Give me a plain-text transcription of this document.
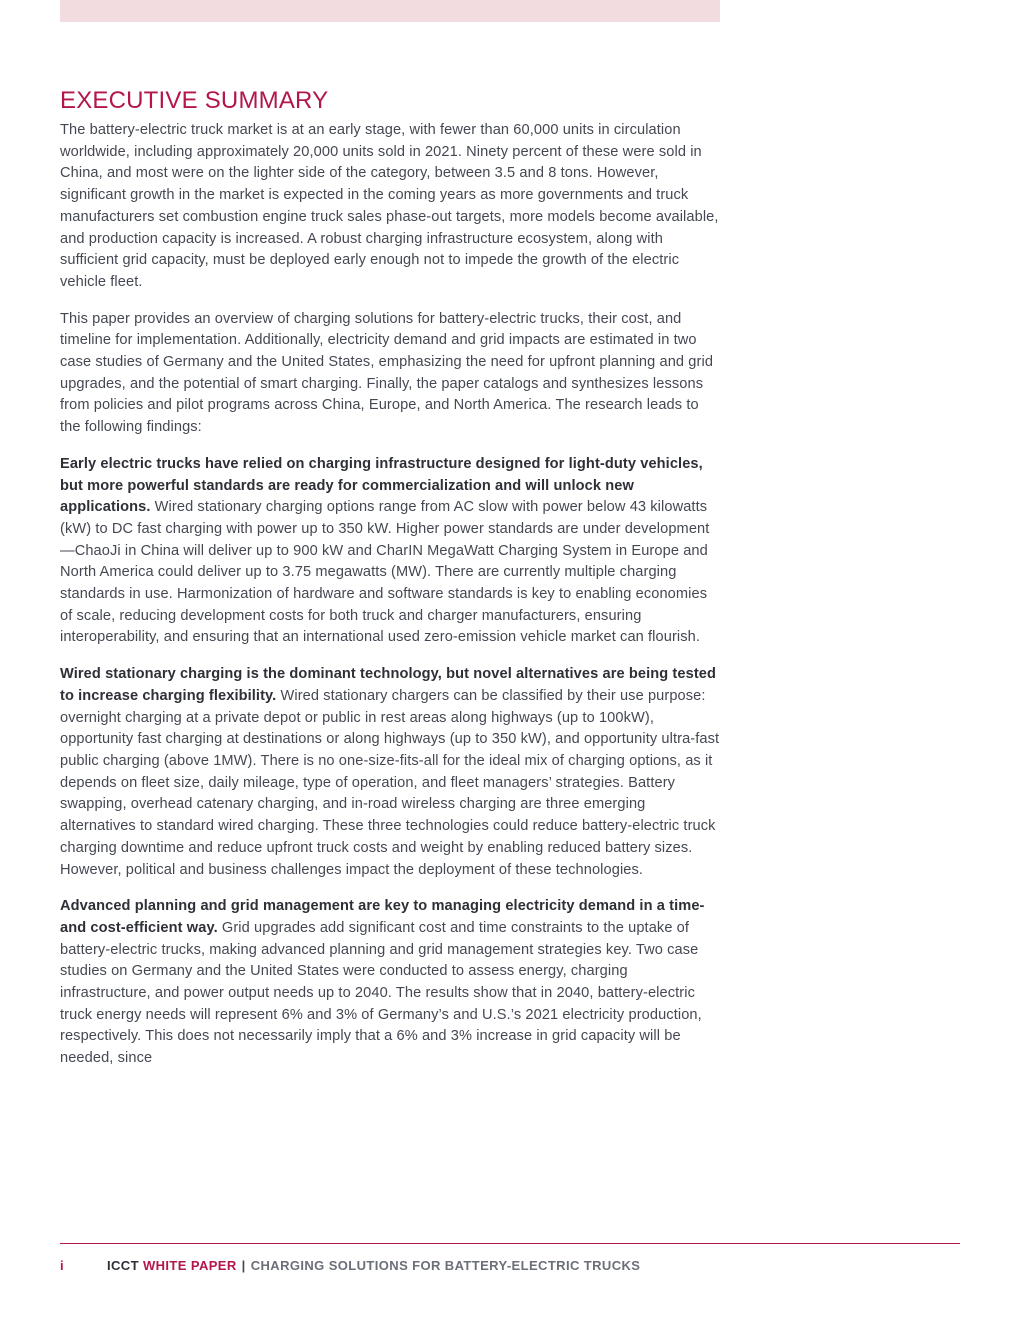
EXECUTIVE SUMMARY

The battery-electric truck market is at an early stage, with fewer than 60,000 units in circulation worldwide, including approximately 20,000 units sold in 2021. Ninety percent of these were sold in China, and most were on the lighter side of the category, between 3.5 and 8 tons. However, significant growth in the market is expected in the coming years as more governments and truck manufacturers set combustion engine truck sales phase-out targets, more models become available, and production capacity is increased. A robust charging infrastructure ecosystem, along with sufficient grid capacity, must be deployed early enough not to impede the growth of the electric vehicle fleet.

This paper provides an overview of charging solutions for battery-electric trucks, their cost, and timeline for implementation. Additionally, electricity demand and grid impacts are estimated in two case studies of Germany and the United States, emphasizing the need for upfront planning and grid upgrades, and the potential of smart charging. Finally, the paper catalogs and synthesizes lessons from policies and pilot programs across China, Europe, and North America. The research leads to the following findings:

Early electric trucks have relied on charging infrastructure designed for light-duty vehicles, but more powerful standards are ready for commercialization and will unlock new applications. Wired stationary charging options range from AC slow with power below 43 kilowatts (kW) to DC fast charging with power up to 350 kW. Higher power standards are under development—ChaoJi in China will deliver up to 900 kW and CharIN MegaWatt Charging System in Europe and North America could deliver up to 3.75 megawatts (MW). There are currently multiple charging standards in use. Harmonization of hardware and software standards is key to enabling economies of scale, reducing development costs for both truck and charger manufacturers, ensuring interoperability, and ensuring that an international used zero-emission vehicle market can flourish.

Wired stationary charging is the dominant technology, but novel alternatives are being tested to increase charging flexibility. Wired stationary chargers can be classified by their use purpose: overnight charging at a private depot or public in rest areas along highways (up to 100kW), opportunity fast charging at destinations or along highways (up to 350 kW), and opportunity ultra-fast public charging (above 1MW). There is no one-size-fits-all for the ideal mix of charging options, as it depends on fleet size, daily mileage, type of operation, and fleet managers’ strategies. Battery swapping, overhead catenary charging, and in-road wireless charging are three emerging alternatives to standard wired charging. These three technologies could reduce battery-electric truck charging downtime and reduce upfront truck costs and weight by enabling reduced battery sizes. However, political and business challenges impact the deployment of these technologies.

Advanced planning and grid management are key to managing electricity demand in a time- and cost-efficient way. Grid upgrades add significant cost and time constraints to the uptake of battery-electric trucks, making advanced planning and grid management strategies key. Two case studies on Germany and the United States were conducted to assess energy, charging infrastructure, and power output needs up to 2040. The results show that in 2040, battery-electric truck energy needs will represent 6% and 3% of Germany’s and U.S.’s 2021 electricity production, respectively. This does not necessarily imply that a 6% and 3% increase in grid capacity will be needed, since

i	ICCT WHITE PAPER | CHARGING SOLUTIONS FOR BATTERY-ELECTRIC TRUCKS
